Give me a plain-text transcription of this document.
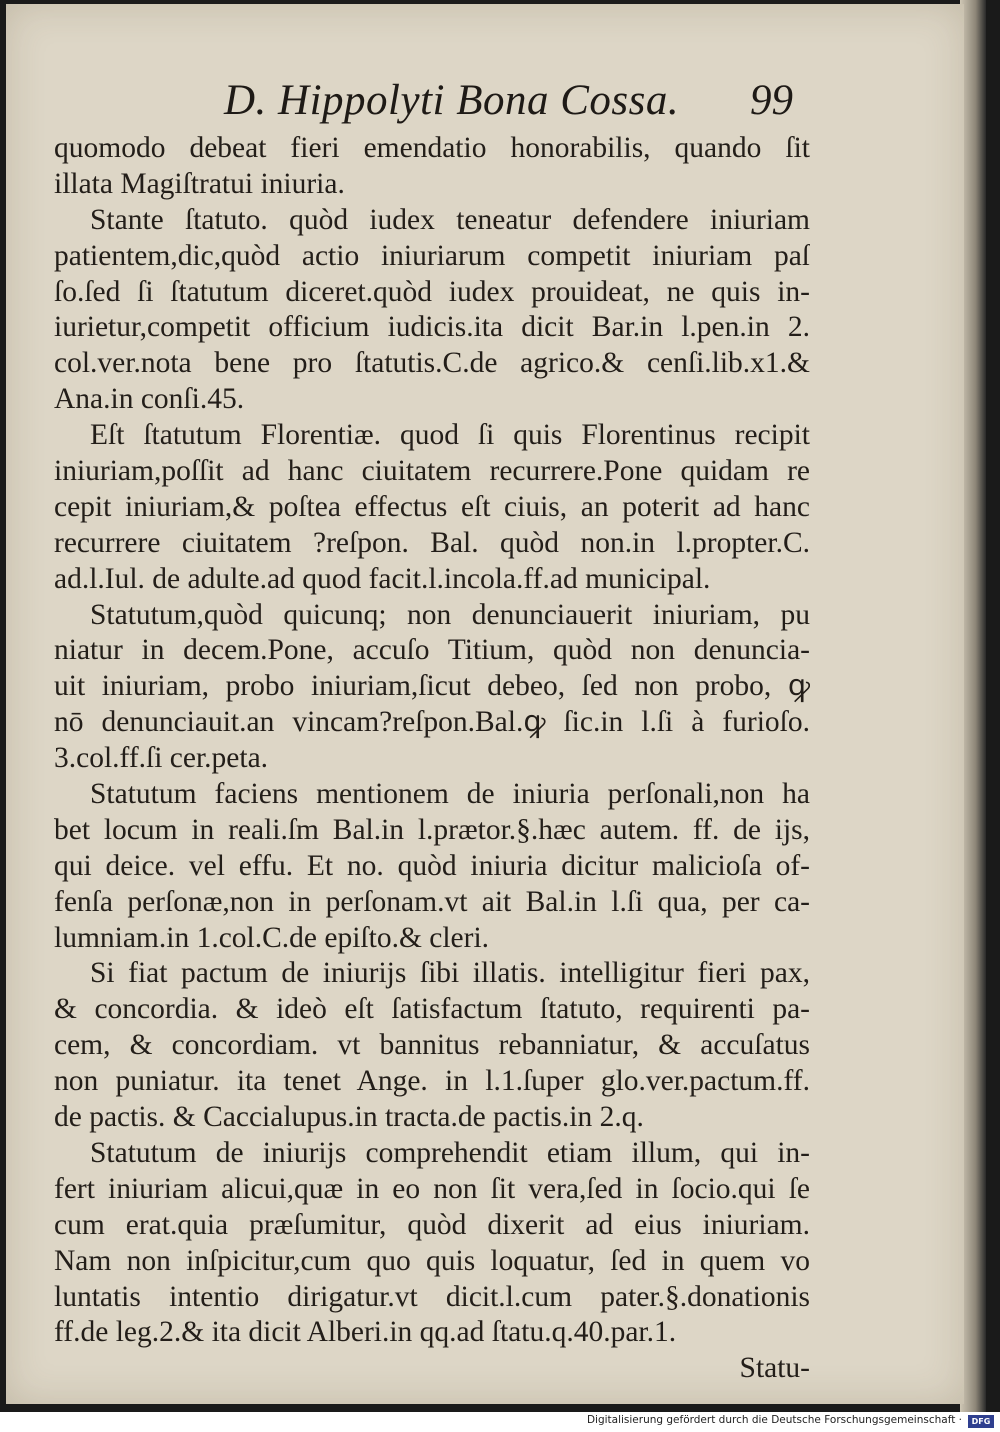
D. Hippolyti Bona Cossa. 99
quomodo debeat fieri emendatio honorabilis, quando ſit
illata Magiſtratui iniuria.
Stante ſtatuto. quòd iudex teneatur defendere iniuriam
patientem,dic,quòd actio iniuriarum competit iniuriam paſ
ſo.ſed ſi ſtatutum diceret.quòd iudex prouideat, ne quis in-
iurietur,competit officium iudicis.ita dicit Bar.in l.pen.in 2.
col.ver.nota bene pro ſtatutis.C.de agrico.& cenſi.lib.x1.&
Ana.in conſi.45.
Eſt ſtatutum Florentiæ. quod ſi quis Florentinus recipit
iniuriam,poſſit ad hanc ciuitatem recurrere.Pone quidam re
cepit iniuriam,& poſtea effectus eſt ciuis, an poterit ad hanc
recurrere ciuitatem ?reſpon. Bal. quòd non.in l.propter.C.
ad.l.Iul. de adulte.ad quod facit.l.incola.ff.ad municipal.
Statutum,quòd quicunq; non denunciauerit iniuriam, pu
niatur in decem.Pone, accuſo Titium, quòd non denuncia-
uit iniuriam, probo iniuriam,ſicut debeo, ſed non probo, ꝙ
nō denunciauit.an vincam?reſpon.Bal.ꝙ ſic.in l.ſi à furioſo.
3.col.ff.ſi cer.peta.
Statutum faciens mentionem de iniuria perſonali,non ha
bet locum in reali.ſm Bal.in l.prætor.§.hæc autem. ff. de ijs,
qui deice. vel effu. Et no. quòd iniuria dicitur malicioſa of-
fenſa perſonæ,non in perſonam.vt ait Bal.in l.ſi qua, per ca-
lumniam.in 1.col.C.de epiſto.& cleri.
Si fiat pactum de iniurijs ſibi illatis. intelligitur fieri pax,
& concordia. & ideò eſt ſatisfactum ſtatuto, requirenti pa-
cem, & concordiam. vt bannitus rebanniatur, & accuſatus
non puniatur. ita tenet Ange. in l.1.ſuper glo.ver.pactum.ff.
de pactis. & Caccialupus.in tracta.de pactis.in 2.q.
Statutum de iniurijs comprehendit etiam illum, qui in-
fert iniuriam alicui,quæ in eo non ſit vera,ſed in ſocio.qui ſe
cum erat.quia præſumitur, quòd dixerit ad eius iniuriam.
Nam non inſpicitur,cum quo quis loquatur, ſed in quem vo
luntatis intentio dirigatur.vt dicit.l.cum pater.§.donationis
ff.de leg.2.& ita dicit Alberi.in qq.ad ſtatu.q.40.par.1.
Statu-
Digitalisierung gefördert durch die Deutsche Forschungsgemeinschaft ·	DFG
